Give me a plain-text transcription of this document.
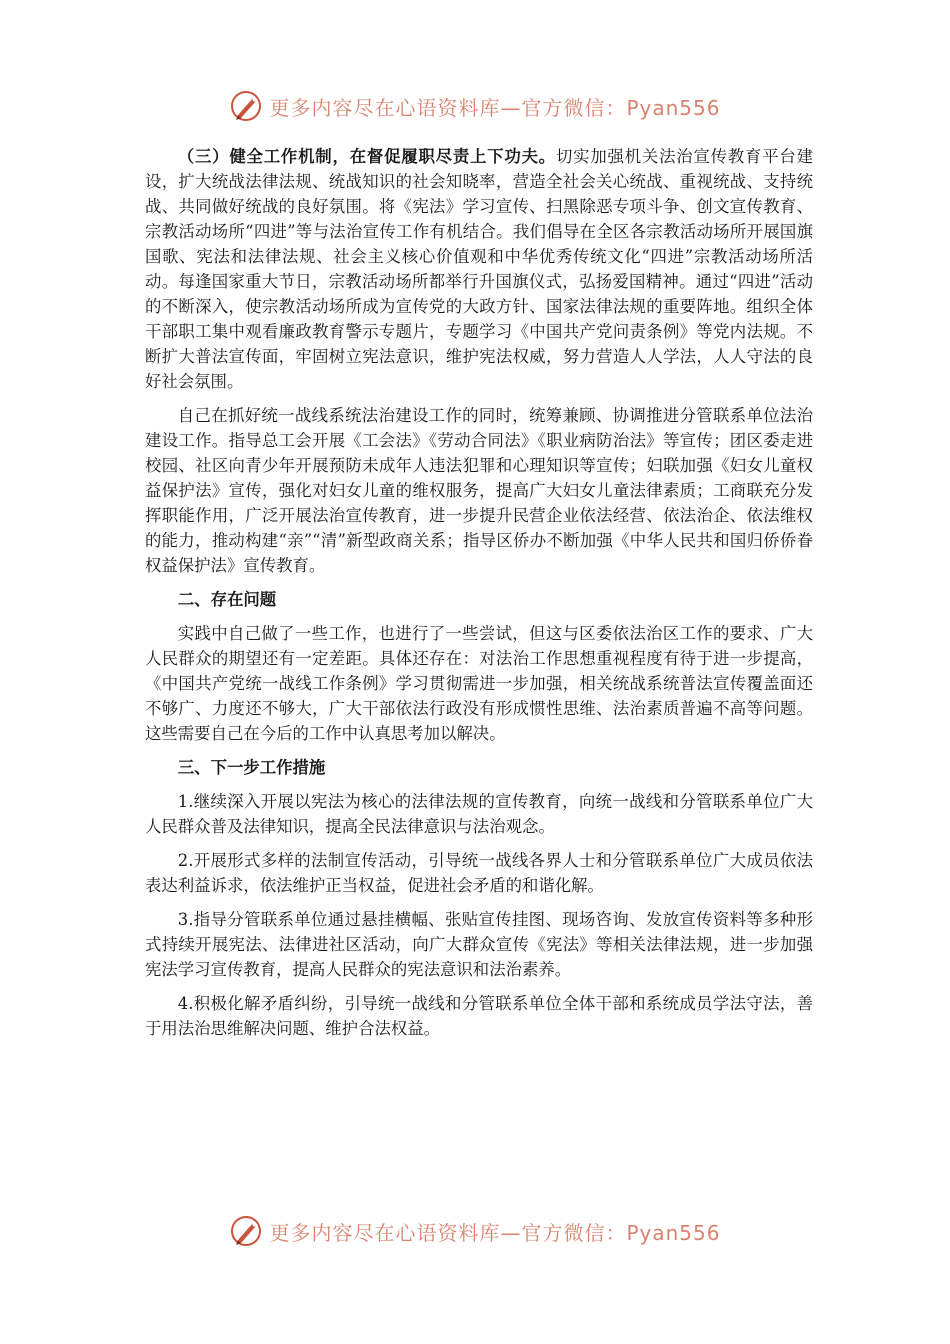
更多内容尽在心语资料库—官方微信：Pyan556

（三）健全工作机制，在督促履职尽责上下功夫。切实加强机关法治宣传教育平台建设，扩大统战法律法规、统战知识的社会知晓率，营造全社会关心统战、重视统战、支持统战、共同做好统战的良好氛围。将《宪法》学习宣传、扫黑除恶专项斗争、创文宣传教育、宗教活动场所“四进”等与法治宣传工作有机结合。我们倡导在全区各宗教活动场所开展国旗国歌、宪法和法律法规、社会主义核心价值观和中华优秀传统文化“四进”宗教活动场所活动。每逢国家重大节日，宗教活动场所都举行升国旗仪式，弘扬爱国精神。通过“四进”活动的不断深入，使宗教活动场所成为宣传党的大政方针、国家法律法规的重要阵地。组织全体干部职工集中观看廉政教育警示专题片，专题学习《中国共产党问责条例》等党内法规。不断扩大普法宣传面，牢固树立宪法意识，维护宪法权威，努力营造人人学法，人人守法的良好社会氛围。

自己在抓好统一战线系统法治建设工作的同时，统筹兼顾、协调推进分管联系单位法治建设工作。指导总工会开展《工会法》《劳动合同法》《职业病防治法》等宣传；团区委走进校园、社区向青少年开展预防未成年人违法犯罪和心理知识等宣传；妇联加强《妇女儿童权益保护法》宣传，强化对妇女儿童的维权服务，提高广大妇女儿童法律素质；工商联充分发挥职能作用，广泛开展法治宣传教育，进一步提升民营企业依法经营、依法治企、依法维权的能力，推动构建“亲”“清”新型政商关系；指导区侨办不断加强《中华人民共和国归侨侨眷权益保护法》宣传教育。

二、存在问题

实践中自己做了一些工作，也进行了一些尝试，但这与区委依法治区工作的要求、广大人民群众的期望还有一定差距。具体还存在：对法治工作思想重视程度有待于进一步提高，《中国共产党统一战线工作条例》学习贯彻需进一步加强，相关统战系统普法宣传覆盖面还不够广、力度还不够大，广大干部依法行政没有形成惯性思维、法治素质普遍不高等问题。这些需要自己在今后的工作中认真思考加以解决。

三、下一步工作措施

1.继续深入开展以宪法为核心的法律法规的宣传教育，向统一战线和分管联系单位广大人民群众普及法律知识，提高全民法律意识与法治观念。

2.开展形式多样的法制宣传活动，引导统一战线各界人士和分管联系单位广大成员依法表达利益诉求，依法维护正当权益，促进社会矛盾的和谐化解。

3.指导分管联系单位通过悬挂横幅、张贴宣传挂图、现场咨询、发放宣传资料等多种形式持续开展宪法、法律进社区活动，向广大群众宣传《宪法》等相关法律法规，进一步加强宪法学习宣传教育，提高人民群众的宪法意识和法治素养。

4.积极化解矛盾纠纷，引导统一战线和分管联系单位全体干部和系统成员学法守法，善于用法治思维解决问题、维护合法权益。

更多内容尽在心语资料库—官方微信：Pyan556
